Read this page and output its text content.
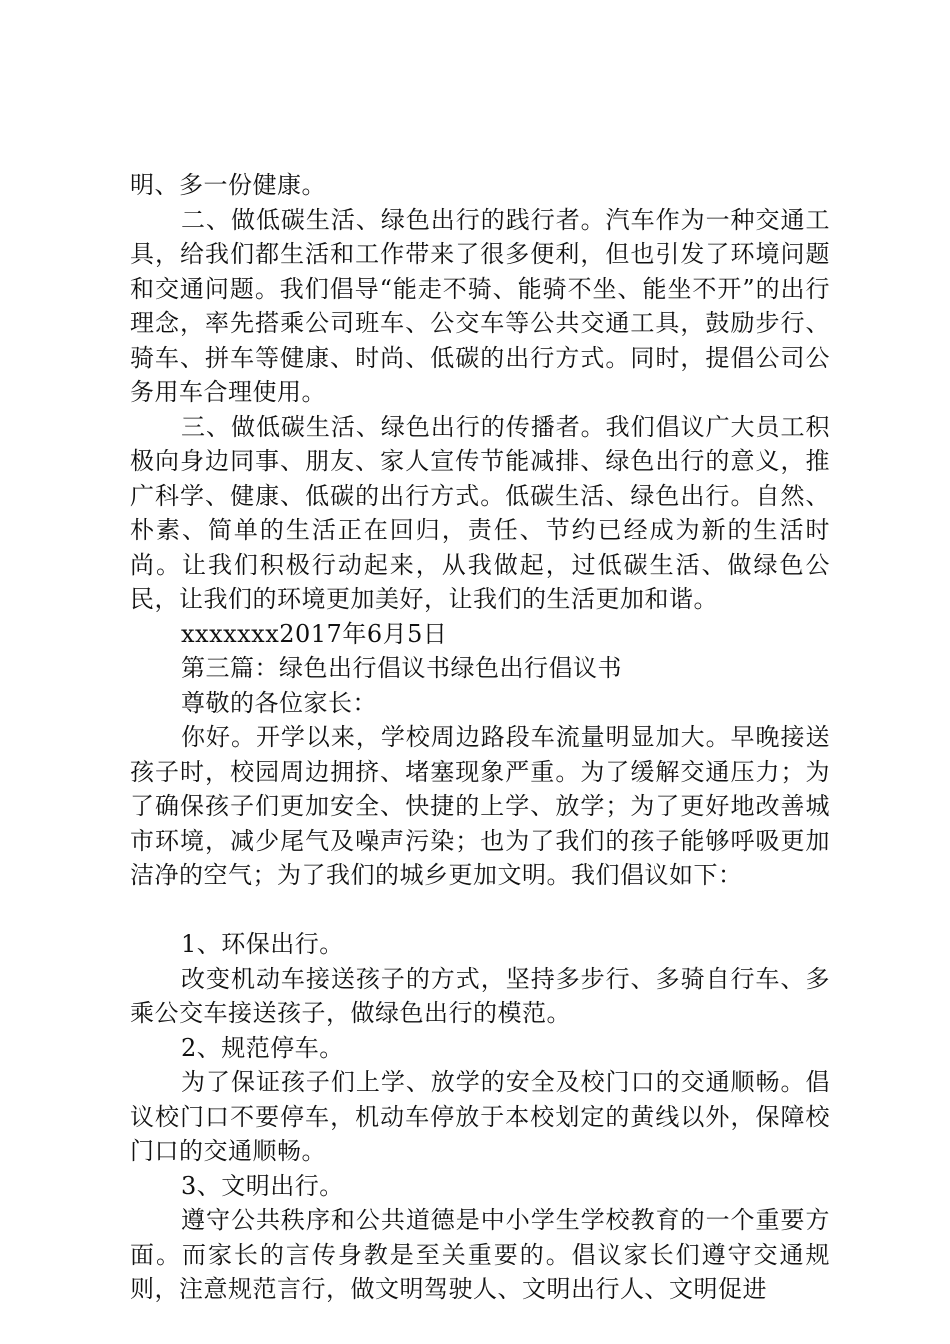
明、多一份健康。

二、做低碳生活、绿色出行的践行者。汽车作为一种交通工具，给我们都生活和工作带来了很多便利，但也引发了环境问题和交通问题。我们倡导“能走不骑、能骑不坐、能坐不开”的出行理念，率先搭乘公司班车、公交车等公共交通工具，鼓励步行、骑车、拼车等健康、时尚、低碳的出行方式。同时，提倡公司公务用车合理使用。

三、做低碳生活、绿色出行的传播者。我们倡议广大员工积极向身边同事、朋友、家人宣传节能减排、绿色出行的意义，推广科学、健康、低碳的出行方式。低碳生活、绿色出行。自然、朴素、简单的生活正在回归，责任、节约已经成为新的生活时尚。让我们积极行动起来，从我做起，过低碳生活、做绿色公民，让我们的环境更加美好，让我们的生活更加和谐。

xxxxxxx2017年6月5日

第三篇：绿色出行倡议书绿色出行倡议书

尊敬的各位家长：

你好。开学以来，学校周边路段车流量明显加大。早晚接送孩子时，校园周边拥挤、堵塞现象严重。为了缓解交通压力；为了确保孩子们更加安全、快捷的上学、放学；为了更好地改善城市环境，减少尾气及噪声污染；也为了我们的孩子能够呼吸更加洁净的空气；为了我们的城乡更加文明。我们倡议如下：

1、环保出行。

改变机动车接送孩子的方式，坚持多步行、多骑自行车、多乘公交车接送孩子，做绿色出行的模范。

2、规范停车。

为了保证孩子们上学、放学的安全及校门口的交通顺畅。倡议校门口不要停车，机动车停放于本校划定的黄线以外，保障校门口的交通顺畅。

3、文明出行。

遵守公共秩序和公共道德是中小学生学校教育的一个重要方面。而家长的言传身教是至关重要的。倡议家长们遵守交通规则，注意规范言行，做文明驾驶人、文明出行人、文明促进
